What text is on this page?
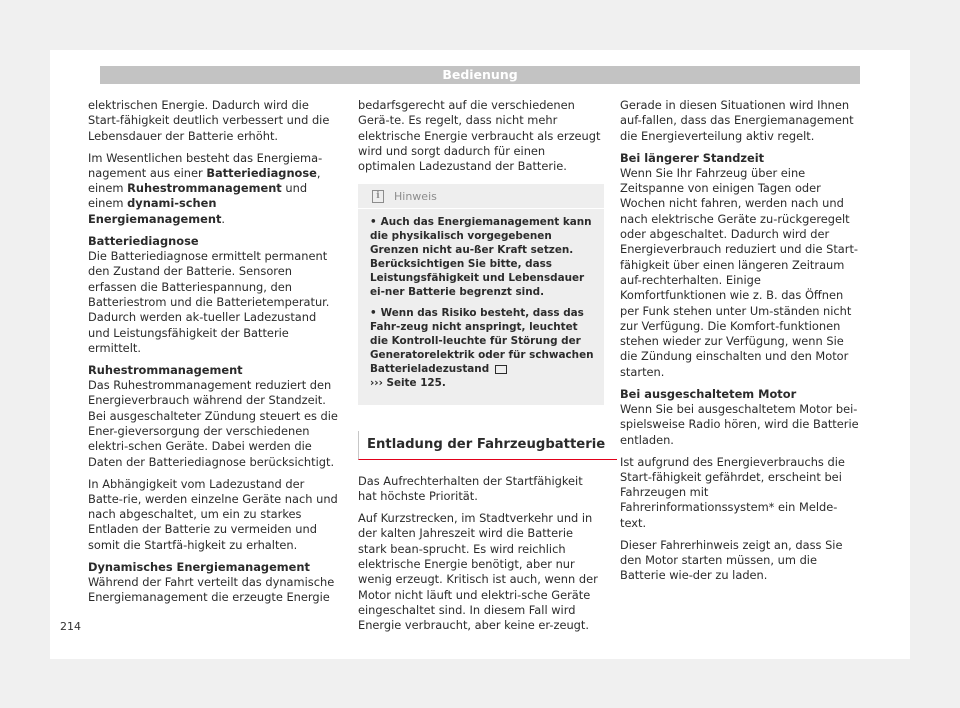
Bedienung

elektrischen Energie. Dadurch wird die Start-fähigkeit deutlich verbessert und die Lebensdauer der Batterie erhöht.

Im Wesentlichen besteht das Energiema-nagement aus einer Batteriediagnose, einem Ruhestrommanagement und einem dynami-schen Energiemanagement.

Batteriediagnose

Die Batteriediagnose ermittelt permanent den Zustand der Batterie. Sensoren erfassen die Batteriespannung, den Batteriestrom und die Batterietemperatur. Dadurch werden ak-tueller Ladezustand und Leistungsfähigkeit der Batterie ermittelt.

Ruhestrommanagement

Das Ruhestrommanagement reduziert den Energieverbrauch während der Standzeit. Bei ausgeschalteter Zündung steuert es die Ener-gieversorgung der verschiedenen elektri-schen Geräte. Dabei werden die Daten der Batteriediagnose berücksichtigt.

In Abhängigkeit vom Ladezustand der Batte-rie, werden einzelne Geräte nach und nach abgeschaltet, um ein zu starkes Entladen der Batterie zu vermeiden und somit die Startfä-higkeit zu erhalten.

Dynamisches Energiemanagement

Während der Fahrt verteilt das dynamische Energiemanagement die erzeugte Energie

bedarfsgerecht auf die verschiedenen Gerä-te. Es regelt, dass nicht mehr elektrische Energie verbraucht als erzeugt wird und sorgt dadurch für einen optimalen Ladezustand der Batterie.

i	Hinweis

• Auch das Energiemanagement kann die physikalisch vorgegebenen Grenzen nicht au-ßer Kraft setzen. Berücksichtigen Sie bitte, dass Leistungsfähigkeit und Lebensdauer ei-ner Batterie begrenzt sind.

• Wenn das Risiko besteht, dass das Fahr-zeug nicht anspringt, leuchtet die Kontroll-leuchte für Störung der Generatorelektrik oder für schwachen Batterieladezustand
››› Seite 125.

Entladung der Fahrzeugbatterie

Das Aufrechterhalten der Startfähigkeit hat höchste Priorität.

Auf Kurzstrecken, im Stadtverkehr und in der kalten Jahreszeit wird die Batterie stark bean-sprucht. Es wird reichlich elektrische Energie benötigt, aber nur wenig erzeugt. Kritisch ist auch, wenn der Motor nicht läuft und elektri-sche Geräte eingeschaltet sind. In diesem Fall wird Energie verbraucht, aber keine er-zeugt.

Gerade in diesen Situationen wird Ihnen auf-fallen, dass das Energiemanagement die Energieverteilung aktiv regelt.

Bei längerer Standzeit

Wenn Sie Ihr Fahrzeug über eine Zeitspanne von einigen Tagen oder Wochen nicht fahren, werden nach und nach elektrische Geräte zu-rückgeregelt oder abgeschaltet. Dadurch wird der Energieverbrauch reduziert und die Start-fähigkeit über einen längeren Zeitraum auf-rechterhalten. Einige Komfortfunktionen wie z. B. das Öffnen per Funk stehen unter Um-ständen nicht zur Verfügung. Die Komfort-funktionen stehen wieder zur Verfügung, wenn Sie die Zündung einschalten und den Motor starten.

Bei ausgeschaltetem Motor

Wenn Sie bei ausgeschaltetem Motor bei-spielsweise Radio hören, wird die Batterie entladen.

Ist aufgrund des Energieverbrauchs die Start-fähigkeit gefährdet, erscheint bei Fahrzeugen mit Fahrerinformationssystem* ein Melde-text.

Dieser Fahrerhinweis zeigt an, dass Sie den Motor starten müssen, um die Batterie wie-der zu laden.

214
